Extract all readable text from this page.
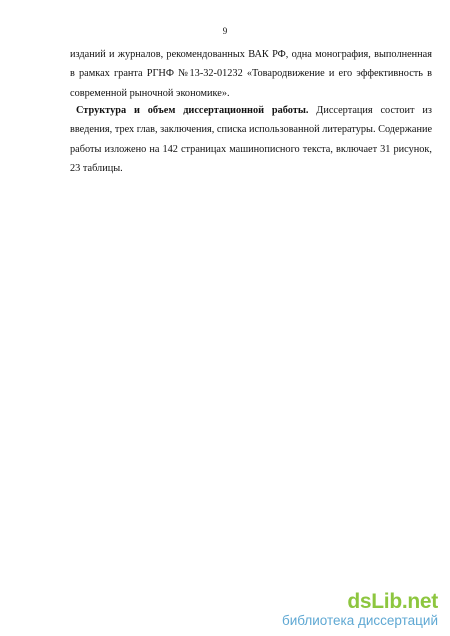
9
изданий и журналов, рекомендованных ВАК РФ, одна монография, выполненная
в рамках гранта РГНФ №13-32-01232 «Товародвижение и его эффективность в
современной рыночной экономике».
Структура и объем диссертационной работы. Диссертация состоит из
введения, трех глав, заключения, списка использованной литературы. Содержание
работы изложено на 142 страницах машинописного текста, включает 31 рисунок,
23 таблицы.
dsLib.net
библиотека диссертаций
